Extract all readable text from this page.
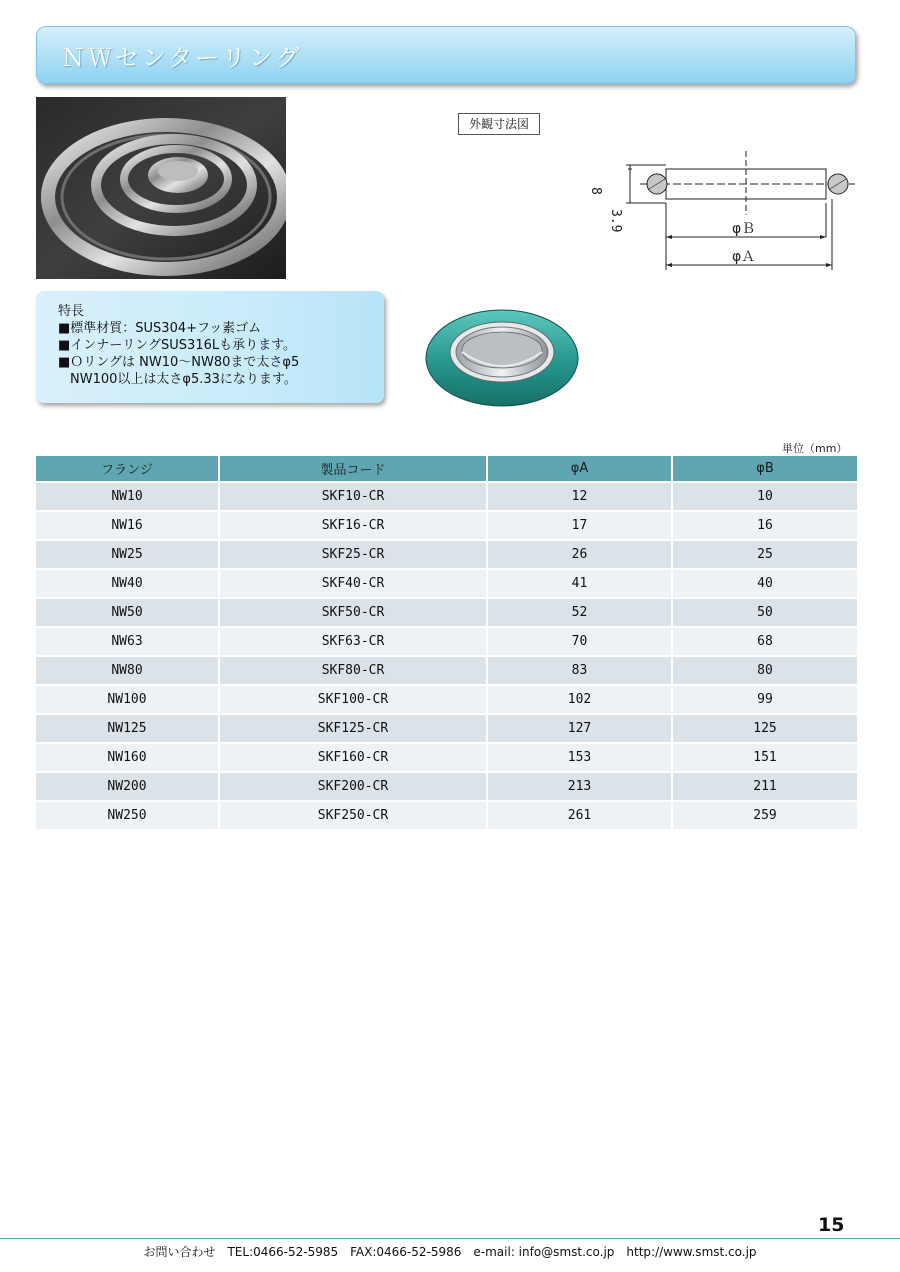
ＮＷセンターリング
外観寸法図
8
3.9	φＢ
φＡ
特長
■標準材質：SUS304+フッ素ゴム
■インナーリングSUS316Lも承ります。
■Ｏリングは NW10～NW80まで太さφ5
NW100以上は太さφ5.33になります。
単位（mm）
フランジ	製品コード	φA	φB
NW10	SKF10-CR	12	10
NW16	SKF16-CR	17	16
NW25	SKF25-CR	26	25
NW40	SKF40-CR	41	40
NW50	SKF50-CR	52	50
NW63	SKF63-CR	70	68
NW80	SKF80-CR	83	80
NW100	SKF100-CR	102	99
NW125	SKF125-CR	127	125
NW160	SKF160-CR	153	151
NW200	SKF200-CR	213	211
NW250	SKF250-CR	261	259
15
お問い合わせ　TEL:0466-52-5985　FAX:0466-52-5986　e-mail: info@smst.co.jp　http://www.smst.co.jp
